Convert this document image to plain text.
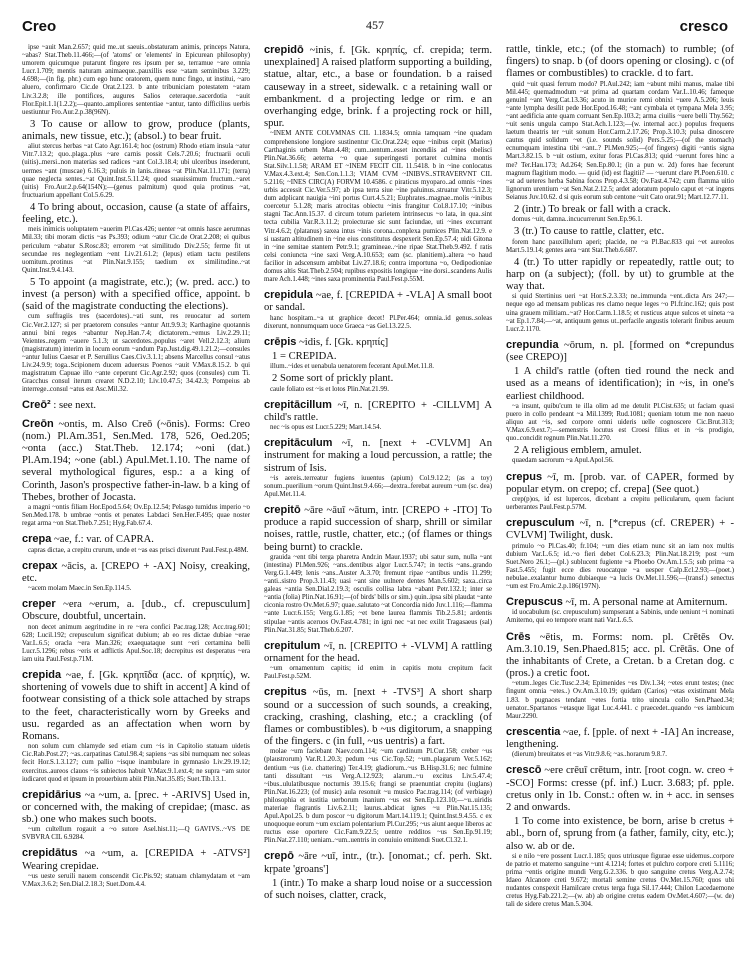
Creo	457	cresco

ipse ~auit Man.2.657; quid me..ut saeuis..obstaturam animis, princeps Natura, ~abas? Stat.Theb.11.466;—(of 'atoms' or 'elements' in Epicurean philosophy) umorem quicumque putarunt fingere res ipsum per se, terramue ~are omnia Lucr.1.709; mentis naturam animaeque..pauxillis esse ~atam seminibus 3.229; 4.698;—(in fig. phr.) cum ego hunc oratorem, quem nunc fingo, ut institui, ~aro aluero, confirmaro Cic.de Orat.2.123. b ante tribuniciam potestatem ~atam Liv.3.2.8; ille pontifices, augures Salios ceteraque..sacerdotia ~auit Flor.Epit.1.1(1.2.2);—quanto..ampliores sententiae ~antur, tanto difficilius uerbis uestiuntur Fro.Aur.2.p.38(96N).

3 To cause or allow to grow, produce (plants, animals, new tissue, etc.); (absol.) to bear fruit.

aliut stercus herbas ~at Cato Agr.161.4; hoc (ostrum) Rhodo etiam insula ~atur Vitr.7.13.2; quo..plaga..plus ~are carnis possit Cels.7.20.6; fructuarii oculi (uitis)..mersi..non materias sed radices ~ant Col.3.18.4; ubi ulceribus insederunt, uermes ~ant (muscae) 6.16.3; puluis in lanis..tineas ~at Plin.Nat.11.171; (terra) quae neglecta sentes..~at Quint.Inst.5.11.24; quod suauissimum fructum..~aret (uitis) Fro.Aur.2.p.64(154N);—(genus palmitum) quod quia protinus ~at, fructuarium appellant Col.5.6.29.

4 To bring about, occasion, cause (a state of affairs, feeling, etc.).

meis inimicis uoluptatem ~auerim Pl.Cas.426; uenter ~at omnis hasce aerumnas Mil.33; tibi moram dictis ~as Ps.393; odium ~atur Cic.de Orat.2.208; ei quibus periculum ~abatur S.Rosc.83; errorem ~at similitudo Div.2.55; ferme fit ut secundae res neglegentiam ~ent Liv.21.61.2; (lepus) etiam tactu pestilens uomitum..protinus ~at Plin.Nat.9.155; taedium ex similitudine..~at Quint.Inst.9.4.143.

5 To appoint (a magistrate, etc.); (w. pred. acc.) to invest (a person) with a specified office, appoint. b (said of the magistrate conducting the elections).

cum suffragiis tres (sacerdotes)..~ati sunt, res reuocatur ad sortem Cic.Ver.2.127; si per praetorem consules ~antur Att.9.9.3; Karthagine quotannis annui bini reges ~abantur Nep.Han.7.4; dictatorem..~emus Liv.2.29.11; Veientes..regem ~auere 5.1.3; ut sacerdotes..populus ~aret Vell.2.12.3; alium (magistratum) interim in locum eorum ~andum Pap.Just.dig.49.1.21.2;—consules ~antur Iulius Caesar et P. Seruilius Caes.Civ.3.1.1; absens Marcellus consul ~atus Liv.24.9.9; toga..Scipionem ducem aduersus Poenos ~auit V.Max.8.15.2. b qui magistratum Capuae illo ~ante ceperunt Cic.Agr.2.92; quos (consules) cum Ti. Gracchus consul iterum crearet N.D.2.10; Liv.10.47.5; 34.42.3; Pompeius ab interrege..consul ~atus est Asc.Mil.32.

Creō² : see next.

Creōn ~ontis, m. Also Creō (~ōnis). Forms: Creo (nom.) Pl.Am.351, Sen.Med. 178, 526, Oed.205; ~onta (acc.) Stat.Theb. 12.174; ~oni (dat.) Pl.Am.194; ~one (abl.) Apul.Met.1.10. The name of several mythological figures, esp.: a a king of Corinth, Jason's prospective father-in-law. b a king of Thebes, brother of Jocasta.

a magni ~ontis filiam Hor.Epod.5.64; Ov.Ep.12.54; Pelasgo tumidus imperio ~o Sen.Med.178. b umbrae ~ontis et penates Labdaci Sen.Her.F.495; quae noster regat arma ~on Stat.Theb.7.251; Hyg.Fab.67.4.

crepa ~ae, f.: var. of CAPRA.

capras dictae, a crepitu crurum, unde et ~as eas prisci dixerunt Paul.Fest.p.48M.

crepax ~ācis, a. [CREPO + -AX] Noisy, creaking, etc.

~acem molam Maec.in Sen.Ep.114.5.

creper ~era ~erum, a. [dub., cf. crepusculum] Obscure, doubtful, uncertain.

non decet animum aegritudine in re ~era confici Pac.trag.128; Acc.trag.601; 628; Lucil.192; crepusculum significat dubium; ab eo res dictae dubiae ~erae Var.L.6.5; oracla ~era Man.326; exaequataque sunt ~eri certamina belli Lucr.5.1296; rebus ~eris et adflictis Apul.Soc.18; decrepitus est desperatus ~era iam uita Paul.Fest.p.71M.

crepida ~ae, f. [Gk. κρηπῖδα (acc. of κρηπίς), w. shortening of vowels due to shift in accent] A kind of footwear consisting of a thick sole attached by straps to the feet, characteristically worn by Greeks and usu. regarded as an affectation when worn by Romans.

non solum cum chlamyde sed etiam cum ~is in Capitolio statuam uidetis Cic.Rab.Post.27; ~as..carpatinas Catul.98.4; sapiens ~as sibi numquam nec soleas fecit Hor.S.1.3.127; cum pallio ~isque inambulare in gymnasio Liv.29.19.12; exercitus..aureos clauos ~is subiectos habuit V.Max.9.1.ext.4; ne supra ~am sutor iudicaret quod et ipsum in prouerbium abiit Plin.Nat.35.85; Suet.Tib.13.1.

crepidārius ~a ~um, a. [prec. + -ARIVS] Used in, or concerned with, the making of crepidae; (masc. as sb.) one who makes such boots.

~um cultellum rogauit a ~o sutore Asel.hist.11;—Q GAVIVS..~VS DE SVBVRA CIL 6.9284.

crepidātus ~a ~um, a. [CREPIDA + -ATVS²] Wearing crepidae.

~us ueste seruili nauem conscendit Cic.Pis.92; statuam chlamydatam et ~am V.Max.3.6.2; Sen.Dial.2.18.3; Suet.Dom.4.4.

crepidō ~inis, f. [Gk. κρηπίς, cf. crepida; term. unexplained] A raised platform supporting a building, statue, altar, etc., a base or foundation. b a raised causeway in a street, sidewalk. c a retaining wall or embankment. d a projecting ledge or rim. e an overhanging edge, brink. f a projecting rock or hill, spur.

~INEM ANTE COLVMNAS CIL 1.1834.5; omnia tamquam ~ine quadam comprehensione longiore sustinentur Cic.Orat.224; eque ~inibus cepit (Marius) Carthaginis urbem Man.4.48; cum..uentum..esset incendiis ad ~ines obelisci Plin.Nat.36.66; aeterna ~o quae superingesti portaret culmina montis Stat.Silv.1.1.58; ARAM ET ~INEM FECIT CIL 11.5418. b in ~ine conlocatus V.Max.4.3.ext.4; Sen.Con.1.1.3; VIAM CVM ~INIBVS..STRAVERVNT CIL 5.2116; ~INES CIRC(A) FORVM 10.4586. c piraticus myoparo..ad omnis ~ines urbis accessit Cic.Ver.5.97; ab ipsa terra siue ~ine paluinus..struatur Vitr.5.12.3; dum adplicant nauigia ~ini portus Curt.4.5.21; Euphrates..magnae..molis ~inibus coercetur 5.1.28; maris atrocitas obiectu ~inis frangitur Col.8.17.10; ~inibus stagni Tac.Ann.15.37. d circum totum parietem intrinsecus ~o lata, in qua..sint tecta cubilia Var.R.3.11.2; proiecturae sic sunt faciundae, uti ~ines excurrant Vitr.4.6.2; (platanus) saxea intus ~inis corona..conplexa pumices Plin.Nat.12.9. e si uastam altitudinem in ~ine eius constitutus despexerit Sen.Ep.57.4; uidi Gitona in ~ine semitae stantem Petr.9.1; gramineae..~ine ripae Stat.Theb.9.492. f ratis celsi coniuncta ~ine saxi Verg.A.10.653; eam (sc. planitiem)..altera ~o haud facilior in adscensum ambibat Liv.27.18.6; contra importuna ~o, Oedipodioniae domus altis Stat.Theb.2.504; rupibus expositis longique ~ine dorsi..scandens Aulis mare Ach.1.448; ~ines saxa prominentia Paul.Fest.p.55M.

crepidula ~ae, f. [CREPIDA + -VLA] A small boot or sandal.

hanc hospitam..~a ut graphice decet! Pl.Per.464; omnia..id genus..soleas dixerunt, nonnumquam uoce Graeca ~as Gel.13.22.5.

crēpis ~idis, f. [Gk. κρηπίς]

1 = CREPIDA.

illum..~ides et uenabula uenatorem fecerant Apul.Met.11.8.

2 Some sort of prickly plant.

caule foliato est ~is et lotos Plin.Nat.21.99.

crepitācillum ~ī, n. [CREPITO + -CILLVM] A child's rattle.

nec ~is opus est Lucr.5.229; Mart.14.54.

crepitāculum ~ī, n. [next + -CVLVM] An instrument for making a loud percussion, a rattle; the sistrum of Isis.

~is aereis..terreatur fugiens iuuentus (apium) Col.9.12.2; (as a toy) sonum..puerilium ~orum Quint.Inst.9.4.66;—dextra..ferebat aureum ~um (sc. dea) Apul.Met.11.4.

crepitō ~āre ~āuī ~ātum, intr. [CREPO + -ITO] To produce a rapid succession of sharp, shrill or similar noises, rattle, rustle, chatter, etc.; (of flames or things being burnt) to crackle.

grauida ~ent tibi terga pharetra Andr.in Maur.1937; ubi satur sum, nulla ~ant (intestina) Pl.Men.926; ~ans..dentibus algor Lucr.5.747; in tectis ~ans..grando Verg.G.1.449; lenis ~ans..Auster A.3.70; fremunt ripae ~antibus undis 11.299; ~anti..sistro Prop.3.11.43; uasi ~ant sine uulnere dentes Man.5.602; saxa..circa galeas ~antia Sen.Dial.2.19.3; osculis collisa labra ~abant Petr.132.1; inter se ~antia (folia) Plin.Nat.16.91;—(of birds' bills or sim.) quin..ipsa sibi plaudat ~ante ciconia rostro Ov.Met.6.97; quae..salutato ~at Concordia nido Juv.1.116;—flamma ~ante Lucr.6.155; Verg.G.1.85; ~et bene laurea flammis Tib.2.5.81; ardentis stipulae ~antis aceruos Ov.Fast.4.781; in igni nec ~at nec exilit Tragasaeus (sal) Plin.Nat.31.85; Stat.Theb.6.207.

crepitulum ~ī, n. [CREPITO + -VLVM] A rattling ornament for the head.

~um ornamentum capitis; id enim in capitis motu crepitum facit Paul.Fest.p.52M.

crepitus ~ūs, m. [next + -TVS³] A short sharp sound or a succession of such sounds, a creaking, cracking, crashing, clashing, etc.; a crackling (of flames or combustibles). b ~us digitorum, a snapping of the fingers. c (in full, ~us uentris) a fart.

molae ~um faciebant Naev.com.114; ~um cardinum Pl.Cur.158; creber ~us (plaustrorum) Var.R.1.20.3; pedum ~us Cic.Top.52; ~um..plagarum Ver.5.162; dentium ~us (i.e. chattering) Ter.4.19; gladiorum..~us B.Hisp.31.6; nec fulmine tanti dissultant ~us Verg.A.12.923; alarum..~u excitus Liv.5.47.4; ~ibus..ululatibusque nocturnis 39.15.6; frangi se praenuntiat crepitu (iuglans) Plin.Nat.16.223; (of music) aula resonuit ~u musico Pac.trag.114; (of verbiage) philosophia et iustitia uerborum inanium ~us est Sen.Ep.123.10;—~u..uiridis materiae flagrantis Liv.6.2.11; laurus..abdicat ignes ~u Plin.Nat.15.135; Apul.Apol.25. b dum poscor ~u digitorum Mart.14.119.1; Quint.Inst.9.4.55. c ex unoquoque eorum ~um exciam polentarium Pl.Cur.295; ~us aiunt aeque liberos ac ructus esse oportere Cic.Fam.9.22.5; uentre redditos ~us Sen.Ep.91.19; Plin.Nat.27.110; ueniam..~um..uentris in conuiuio emittendi Suet.Cl.32.1.

crepō ~āre ~uī, intr., (tr.). [onomat.; cf. perh. Skt. kṛpate 'groans']

1 (intr.) To make a sharp loud noise or a succession of such noises, clatter, crack,

rattle, tinkle, etc.; (of the stomach) to rumble; (of fingers) to snap. b (of doors opening or closing). c (of flames or combustibles) to crackle. d to fart.

quid ~uit quasi ferrum modo? Pl.Aul.242; iam ~abunt mihi manus, malae tibi Mil.445; quemadmodum ~at prima ad quartam cordam Var.L.10.46; fameque genuinI ~ant Verg.Cat.13.36; acuto in murice remi obnixi ~uere A.5.206; leuis ~ante lympha desilit pede Hor.Epod.16.48; ~ant cymbala et tympana Mela 3.95; ~ant aedificia ante quam corruant Sen.Ep.103.2; arma ciuilis ~uere belli Thy.562; ~uit senis ungula campo Stat.Ach.1.123;—(w. internal acc.) populus frequens laetum theatris ter ~uit sonum Hor.Carm.2.17.26; Prop.3.10.3; pulsa dinoscere cautus quid solidum ~et (i.e. sounds solid) Pers.5.25;—(of the stomach) ecnumquam intestina tibi ~ant..? Pl.Men.925;—(of fingers) digiti ~antis signa Mart.3.82.15. b ~uit ostium, exitur foras Pl.Cas.813; quid ~uerunt fores hinc a me? Ter.Hau.173; Ad.264; Sen.Ep.80.1; (in a pun w. 2d) fores hae fecerunt magnum flagitium modo. — quid (id) est flagitii? — ~uerunt clare Pl.Poen.610. c ~at ad ueteres herba Sabina focos Prop.4.3.58; Ov.Fast.4.742; cum flamma uitio lignorum urentium ~at Sen.Nat.2.12.5; ardet adoratum populo caput et ~at ingens Seianus Juv.10.62. d si quis eorum sub centone ~uit Cato orat.91; Mart.12.77.11.

2 (intr.) To break or fall with a crack.

domus ~uit, damna..incucurrerunt Sen.Ep.96.1.

3 (tr.) To cause to rattle, clatter, etc.

forem hanc pauxillulum aperi; placide, ne ~a Pl.Bac.833 qui ~et aureolos Mart.5.19.14; gentes aera ~ant Stat.Theb.6.687.

4 (tr.) To utter rapidly or repeatedly, rattle out; to harp on (a subject); (foll. by ut) to grumble at the way that.

si quid Stertinius ueri ~at Hor.S.2.3.33; ne..immunda ~ent..dicta Ars 247;—neque ego ad mensam publicas res clamo neque leges ~o Pl.fr.inc.162; quis post uina grauem militiam..~at? Hor.Carm.1.18.5; et rusticus atque sulcos et uineta ~a ~at Ep.1.7.84;—~at, antiquum genus ut..perfacile angustis tolerarit finibus aeuum Lucr.2.1170.

crepundia ~ōrum, n. pl. [formed on *crepundus (see CREPO)]

1 A child's rattle (often tied round the neck and used as a means of identification); in ~is, in one's earliest childhood.

~a insunt, quibu'cum te illa olim ad me detulit Pl.Cist.635; ut faciam quasi puero in collo pendeant ~a Mil.1399; Rud.1081; queniam totum me non naeuo aliquo aut ~is, sed corpore omni uideris uelle cognoscere Cic.Brut.313; V.Max.6.9.ext.7;—semenstris locutus est Croesi filius et in ~is prodigio, quo..concidit regnum Plin.Nat.11.270.

2 A religious emblem, amulet.

quaedam sacrorum ~a Apul.Apol.56.

crepus ~ī, m. [prob. var. of CAPER, formed by popular etym. on crepo; cf. crepa] (See quot.)

crep(p)os, id est lupercos, dicebant a crepitu pellicularum, quem faciunt uerberantes Paul.Fest.p.57M.

crepusculum ~ī, n. [*crepus (cf. CREPER) + -CVLVM] Twilight, dusk.

primulo ~o Pl.Cas.40; fr.104; ~um dies etiam nunc sit an iam nox multis dubium Var.L.6.5; id..~o fieri debet Col.6.23.3; Plin.Nat.18.219; post ~um Suet.Nero 26.1;—(pl.) sublucent fugiente ~a Phoebo Ov.Am.1.5.5; sub prima ~a Fast.5.455; fugit ecce dies reuocatque ~a uesper Calp.Ecl.2.93;—(poet.) nebulae..exalantur humo dubiaeque ~a lucis Ov.Met.11.596;—(transf.) senectus ~um est Fro.Amic.2.p.186(197N).

Crepuscus ~ī, m. A personal name at Amiternum.

id uocabulum (sc. crepusculum) sumpserant a Sabinis, unde ueniunt ~i nominati Amiterno, qui eo tempore erant nati Var.L.6.5.

Crēs ~ētis, m. Forms: nom. pl. Crētēs Ov. Am.3.10.19, Sen.Phaed.815; acc. pl. Crētās. One of the inhabitants of Crete, a Cretan. b a Cretan dog. c (pros.) a cretic foot.

~etum..leges Cic.Tusc.2.34; Epimenides ~es Div.1.34; ~etes erunt testes; (nec fingunt omnia ~etes..) Ov.Am.3.10.19; quidam (Carios) ~etas existimant Mela 1.83. b pugnaces tendant ~etes fortia trito uincula collo Sen.Phaed.34; uenator..Spartanos ~etasque ligat Luc.4.441. c praecedet..quando ~es iambicum Maur.2290.

crescentia ~ae, f. [pple. of next + -IA] An increase, lengthening.

(dierum) breuitates et ~as Vitr.9.8.6; ~as..horarum 9.8.7.

crescō ~ere crēuī crētum, intr. [root cogn. w. creo + -SCO] Forms: cresse (pf. inf.) Lucr. 3.683; pf. pple. cretus only in 1b. Const.: often w. in + acc. in senses 2 and onwards.

1 To come into existence, be born, arise b cretus + abl., born of, sprung from (a father, family, city, etc.); also w. ab or de.

si e nilo ~ere possent Lucr.1.185; quos utriusque figurae esse uidemus..corpore de patrio et materno sanguine ~unt 4.1214; fortes et pulchro corpore creti 5.1116; prima ~entis origine mundi Verg.G.2.336. b quo sanguine cretus Verg.A.2.74; Idaeo Alcanore creti 9.672; mortali semine cretus Ov.Met.15.760; quos ubi nudantes conspexit Hamilcare cretus terga fuga Sil.17.444; Chilon Lacedaemone cretus Hyg.Fab.221.2;—(w. ab) ab origine cretus eadem Ov.Met.4.607;—(w. de) tali de sidere cretus Man.5.304.
